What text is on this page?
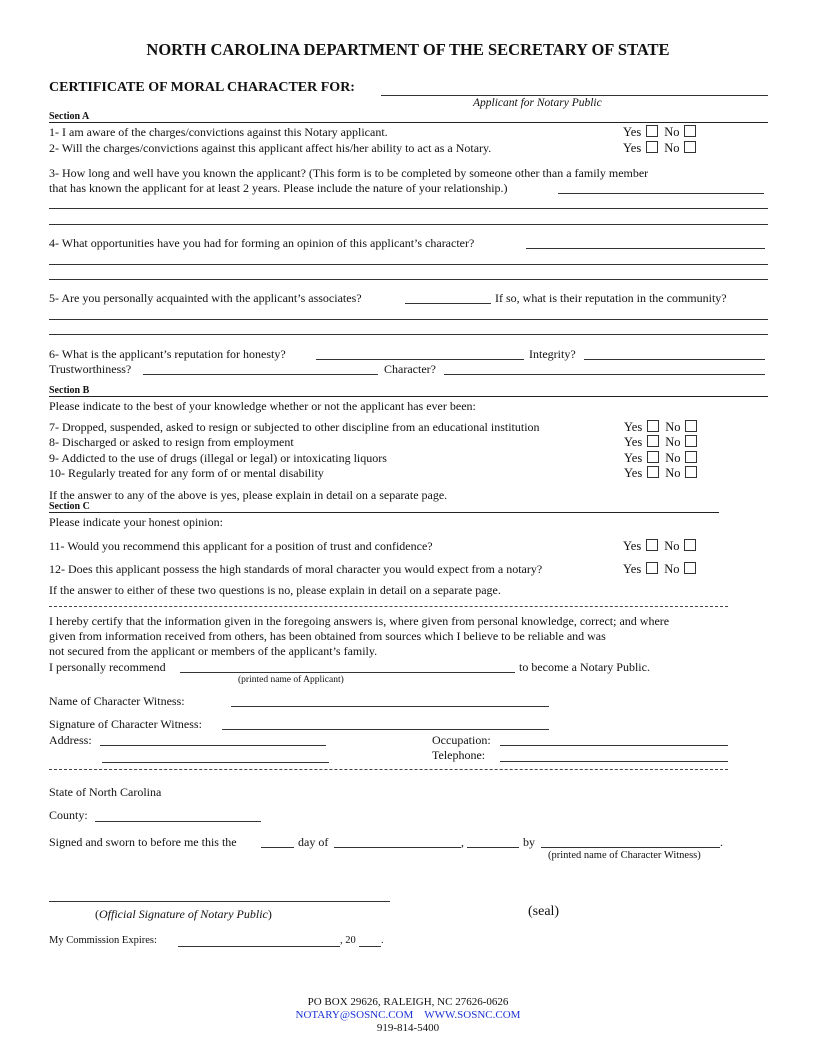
NORTH CAROLINA DEPARTMENT OF THE SECRETARY OF STATE
CERTIFICATE OF MORAL CHARACTER FOR:
Applicant for Notary Public
Section A
1- I am aware of the charges/convictions against this Notary applicant.	Yes No
2- Will the charges/convictions against this applicant affect his/her ability to act as a Notary.	Yes No
3- How long and well have you known the applicant? (This form is to be completed by someone other than a family member
that has known the applicant for at least 2 years. Please include the nature of your relationship.)
4- What opportunities have you had for forming an opinion of this applicant’s character?
5- Are you personally acquainted with the applicant’s associates?	If so, what is their reputation in the community?
6- What is the applicant’s reputation for honesty?	Integrity?
Trustworthiness?	Character?
Section B
Please indicate to the best of your knowledge whether or not the applicant has ever been:
7- Dropped, suspended, asked to resign or subjected to other discipline from an educational institution	Yes No
8- Discharged or asked to resign from employment	Yes No
9- Addicted to the use of drugs (illegal or legal) or intoxicating liquors	Yes No
10- Regularly treated for any form of or mental disability	Yes No
If the answer to any of the above is yes, please explain in detail on a separate page.
Section C
Please indicate your honest opinion:
11- Would you recommend this applicant for a position of trust and confidence?	Yes No
12- Does this applicant possess the high standards of moral character you would expect from a notary?	Yes No
If the answer to either of these two questions is no, please explain in detail on a separate page.
I hereby certify that the information given in the foregoing answers is, where given from personal knowledge, correct; and where
given from information received from others, has been obtained from sources which I believe to be reliable and was
not secured from the applicant or members of the applicant’s family.
I personally recommend	to become a Notary Public.
(printed name of Applicant)
Name of Character Witness:
Signature of Character Witness:
Address:	Occupation:
Telephone:
State of North Carolina
County:
Signed and sworn to before me this the	day of	,	by	.
(printed name of Character Witness)
(Official Signature of Notary Public)	(seal)
My Commission Expires:	, 20 .
PO BOX 29626, RALEIGH, NC 27626-0626
NOTARY@SOSNC.COM WWW.SOSNC.COM
919-814-5400
